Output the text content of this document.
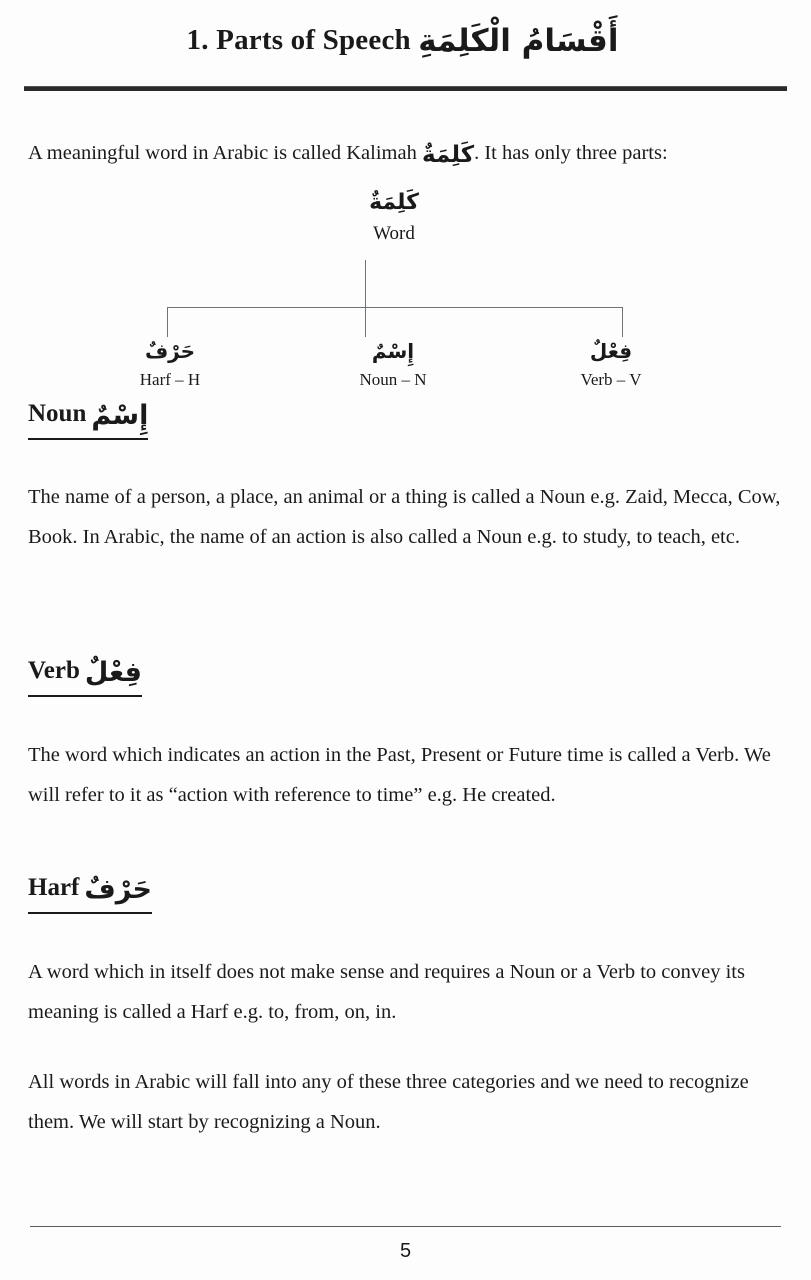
1. Parts of Speech أَقْسَامُ الْكَلِمَةِ
A meaningful word in Arabic is called Kalimah كَلِمَةٌ. It has only three parts:
كَلِمَةٌ
Word
حَرْفٌ
Harf – H
إِسْمٌ
Noun – N
فِعْلٌ
Verb – V
Noun إِسْمٌ
The name of a person, a place, an animal or a thing is called a Noun e.g. Zaid, Mecca, Cow, Book. In Arabic, the name of an action is also called a Noun e.g. to study, to teach, etc.
Verb فِعْلٌ
The word which indicates an action in the Past, Present or Future time is called a Verb. We will refer to it as “action with reference to time” e.g. He created.
Harf حَرْفٌ
A word which in itself does not make sense and requires a Noun or a Verb to convey its meaning is called a Harf e.g. to, from, on, in.
All words in Arabic will fall into any of these three categories and we need to recognize them. We will start by recognizing a Noun.
5
